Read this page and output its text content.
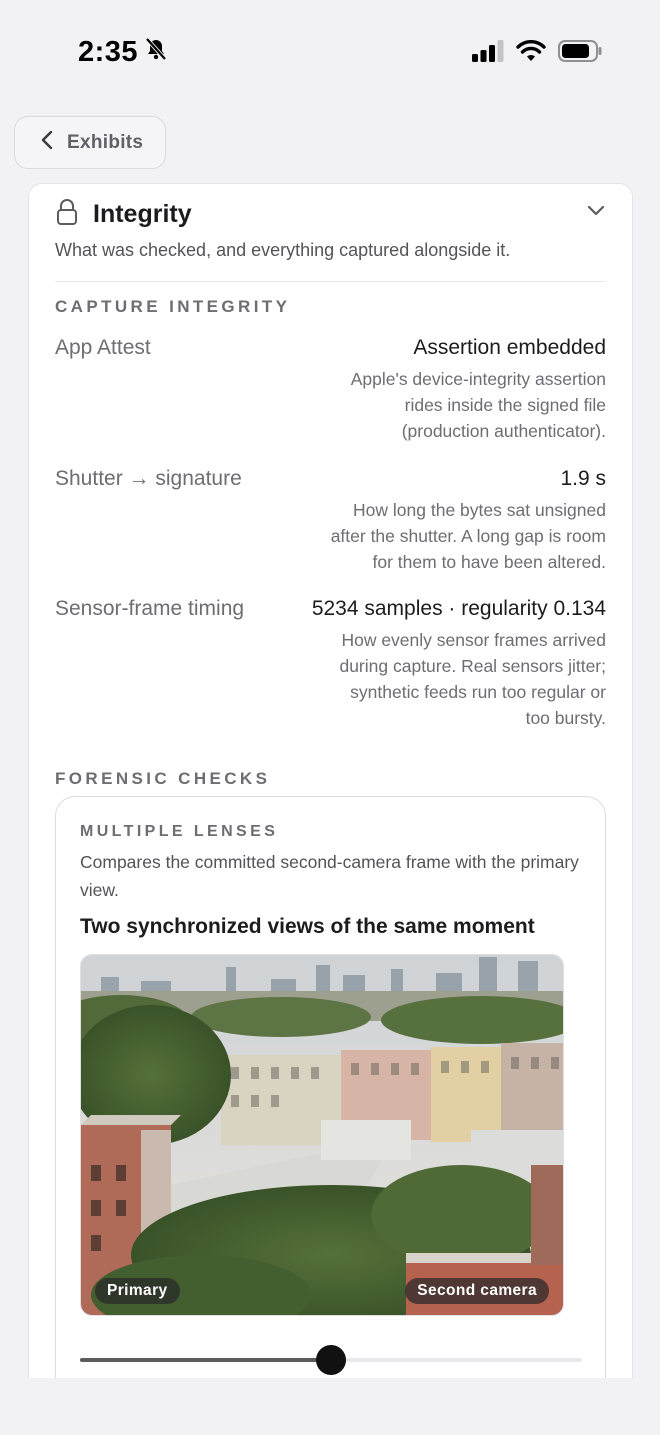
2:35
Exhibits
Integrity
What was checked, and everything captured alongside it.
CAPTURE INTEGRITY
App Attest	Assertion embedded
Apple's device-integrity assertion
rides inside the signed file
(production authenticator).
Shutter → signature	1.9 s
How long the bytes sat unsigned
after the shutter. A long gap is room
for them to have been altered.
Sensor-frame timing	5234 samples · regularity 0.134
How evenly sensor frames arrived
during capture. Real sensors jitter;
synthetic feeds run too regular or
too bursty.
FORENSIC CHECKS
MULTIPLE LENSES
Compares the committed second-camera frame with the primary view.
Two synchronized views of the same moment
Primary	Second camera
